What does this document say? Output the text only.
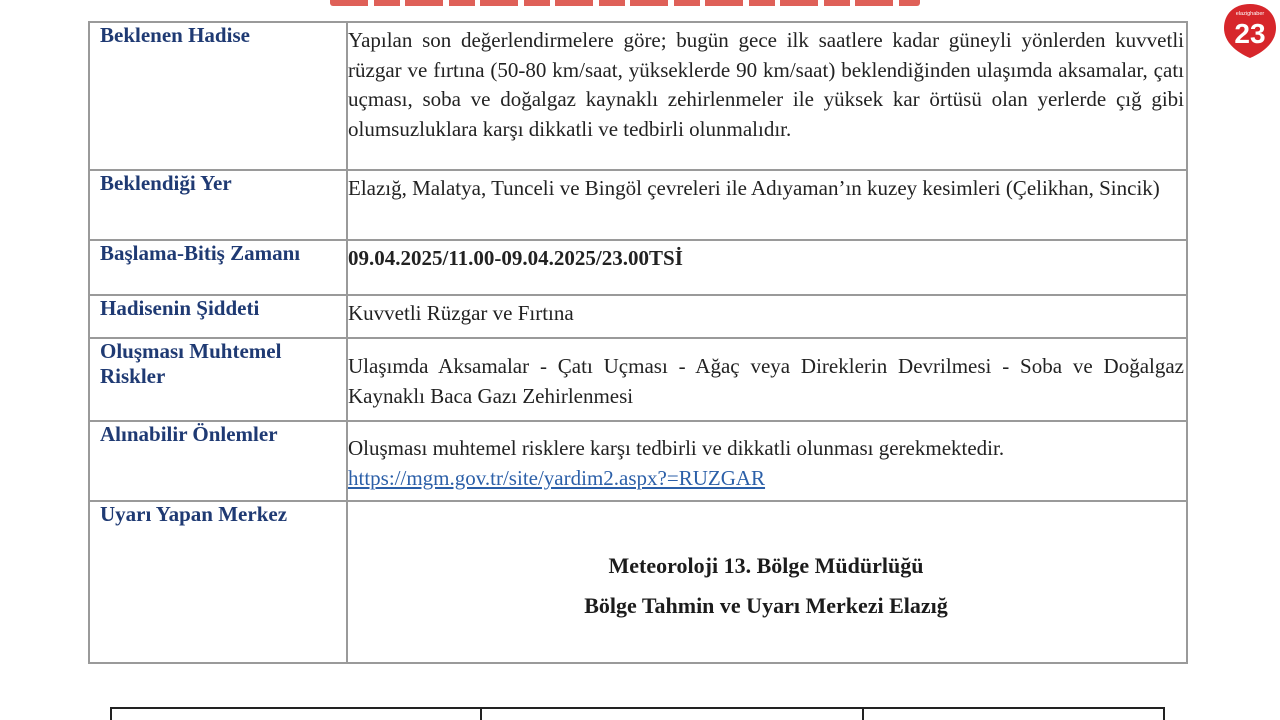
elazighaber
23
Beklenen Hadise	Yapılan son değerlendirmelere göre; bugün gece ilk saatlere kadar güneyli yönlerden kuvvetli rüzgar ve fırtına (50-80 km/saat, yükseklerde 90 km/saat) beklendiğinden ulaşımda aksamalar, çatı uçması, soba ve doğalgaz kaynaklı zehirlenmeler ile yüksek kar örtüsü olan yerlerde çığ gibi olumsuzluklara karşı dikkatli ve tedbirli olunmalıdır.
Beklendiği Yer	Elazığ, Malatya, Tunceli ve Bingöl çevreleri ile Adıyaman’ın kuzey kesimleri (Çelikhan, Sincik)
Başlama-Bitiş Zamanı	09.04.2025/11.00-09.04.2025/23.00TSİ
Hadisenin Şiddeti	Kuvvetli Rüzgar ve Fırtına
Oluşması Muhtemel Riskler	Ulaşımda Aksamalar - Çatı Uçması - Ağaç veya Direklerin Devrilmesi - Soba ve Doğalgaz Kaynaklı Baca Gazı Zehirlenmesi
Alınabilir Önlemler	Oluşması muhtemel risklere karşı tedbirli ve dikkatli olunması gerekmektedir.
https://mgm.gov.tr/site/yardim2.aspx?=RUZGAR
Uyarı Yapan Merkez	Meteoroloji 13. Bölge Müdürlüğü
Bölge Tahmin ve Uyarı Merkezi Elazığ
